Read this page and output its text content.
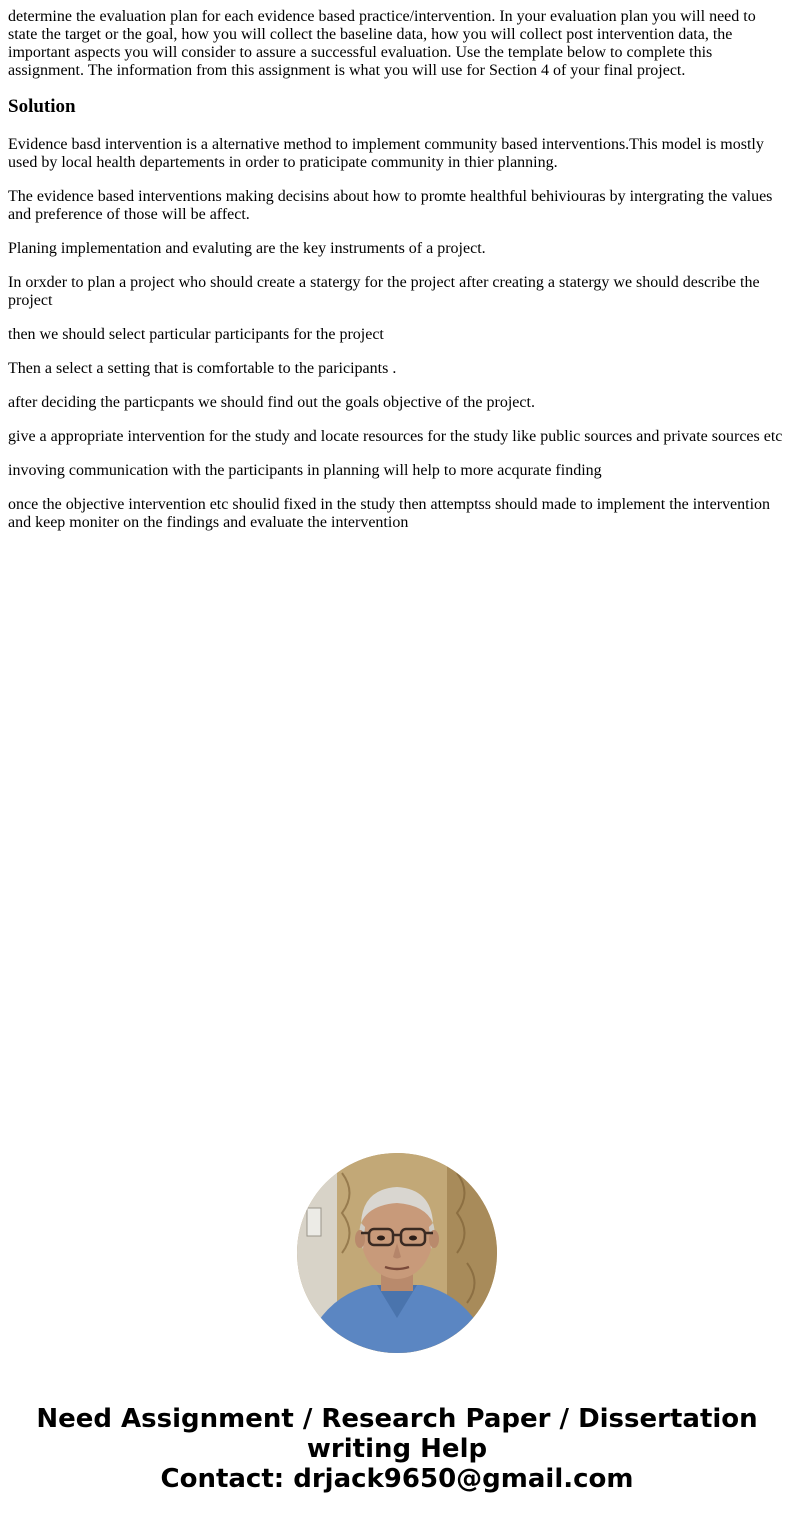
determine the evaluation plan for each evidence based practice/intervention. In your evaluation plan you will need to state the target or the goal, how you will collect the baseline data, how you will collect post intervention data, the important aspects you will consider to assure a successful evaluation. Use the template below to complete this assignment. The information from this assignment is what you will use for Section 4 of your final project.

Solution

Evidence basd intervention is a alternative method to implement community based interventions.This model is mostly used by local health departements in order to praticipate community in thier planning.

The evidence based interventions making decisins about how to promte healthful behiviouras by intergrating the values and preference of those will be affect.

Planing implementation and evaluting are the key instruments of a project.

In orxder to plan a project who should create a statergy for the project after creating a statergy we should describe the project

then we should select particular participants for the project

Then a select a setting that is comfortable to the paricipants .

after deciding the particpants we should find out the goals objective of the project.

give a appropriate intervention for the study and locate resources for the study like public sources and private sources etc

invoving communication with the participants in planning will help to more acqurate finding

once the objective intervention etc shoulid fixed in the study then attemptss should made to implement the intervention and keep moniter on the findings and evaluate the intervention

Need Assignment / Research Paper / Dissertation writing Help
Contact: drjack9650@gmail.com
